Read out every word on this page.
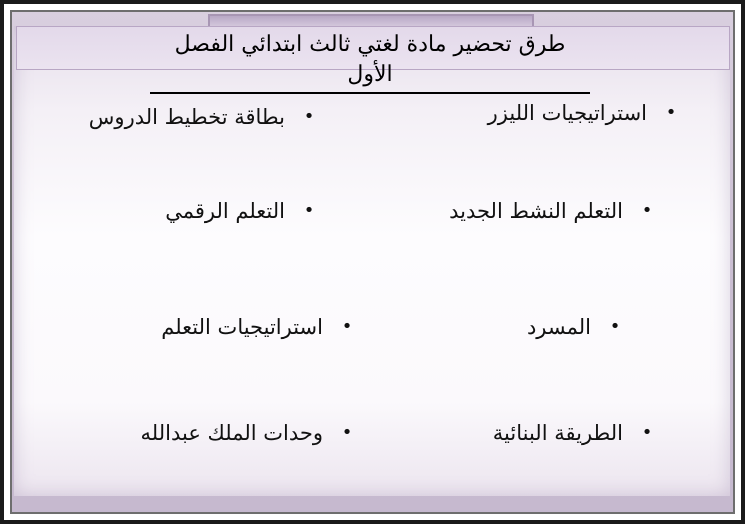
طرق تحضير مادة لغتي ثالث ابتدائي الفصل الأول
•
استراتيجيات الليزر
•
التعلم النشط الجديد
•
المسرد
•
الطريقة البنائية
•
بطاقة تخطيط الدروس
•
التعلم الرقمي
•
استراتيجيات التعلم
•
وحدات الملك عبدالله
